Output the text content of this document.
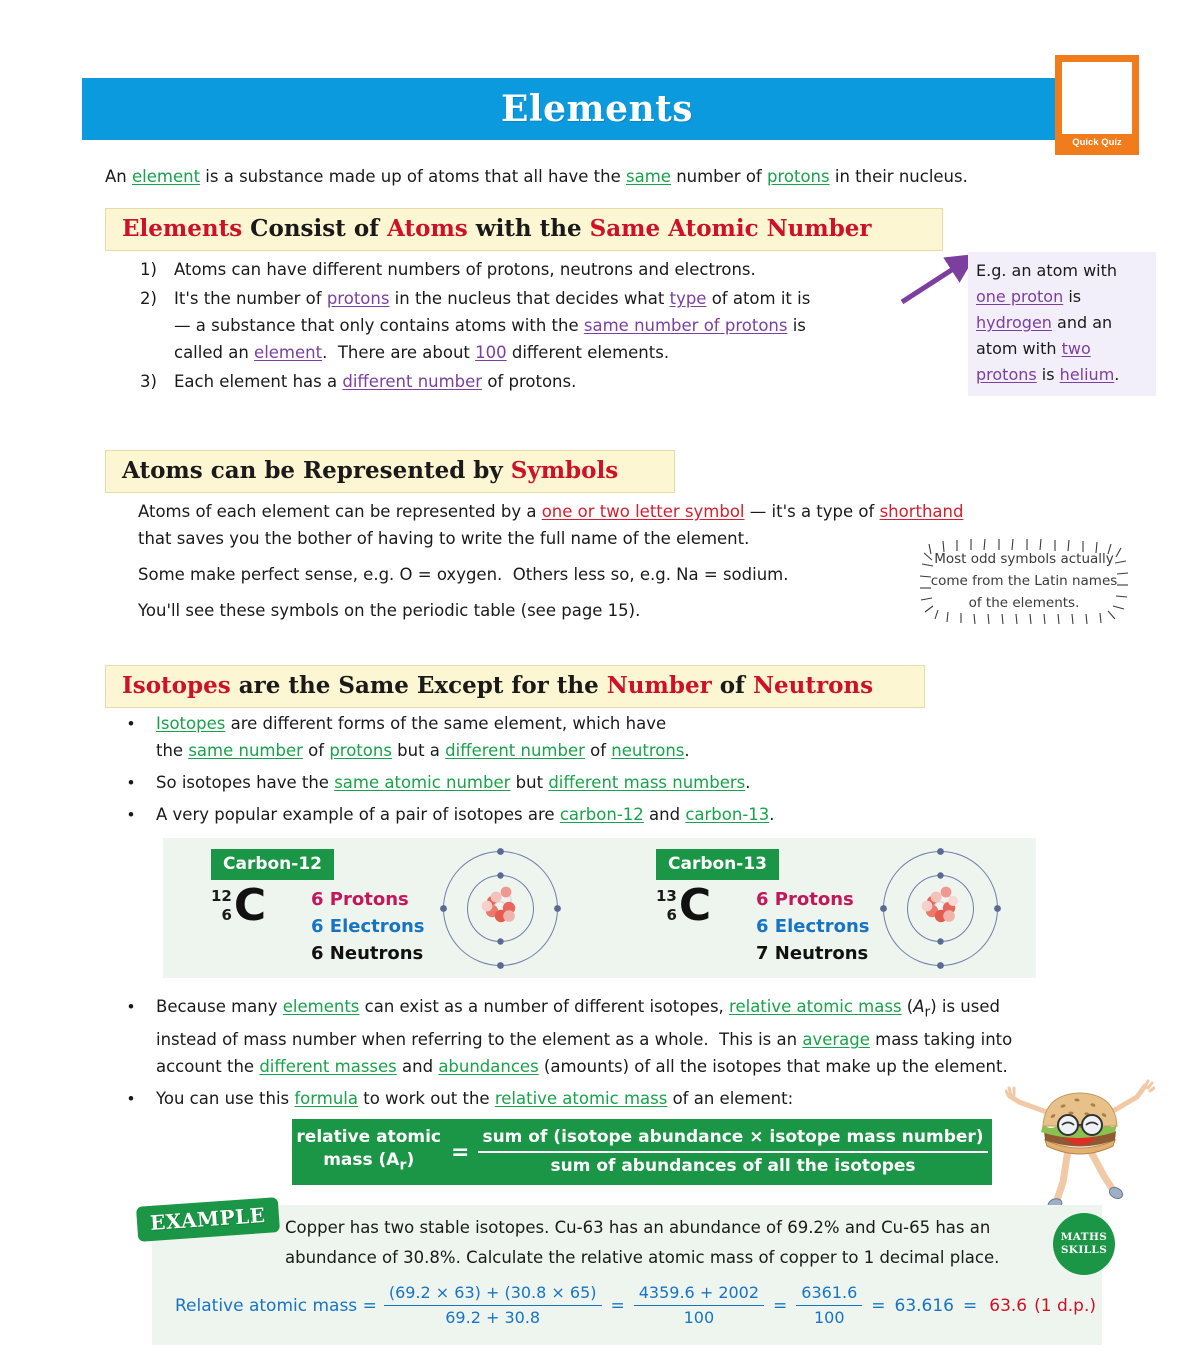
Elements
Quick Quiz
An element is a substance made up of atoms that all have the same number of protons in their nucleus.
Elements Consist of Atoms with the Same Atomic Number
1)	Atoms can have different numbers of protons, neutrons and electrons.
2)	It's the number of protons in the nucleus that decides what type of atom it is
— a substance that only contains atoms with the same number of protons is
called an element.  There are about 100 different elements.
3)	Each element has a different number of protons.
E.g. an atom with one proton is hydrogen and an atom with two protons is helium.
Atoms can be Represented by Symbols

Atoms of each element can be represented by a one or two letter symbol — it's a type of shorthand
that saves you the bother of having to write the full name of the element.

Some make perfect sense, e.g. O = oxygen.  Others less so, e.g. Na = sodium.

You'll see these symbols on the periodic table (see page 15).

Most odd symbols actually come from the Latin names of the elements.
Isotopes are the Same Except for the Number of Neutrons
•	Isotopes are different forms of the same element, which have
the same number of protons but a different number of neutrons.
•	So isotopes have the same atomic number but different mass numbers.
•	A very popular example of a pair of isotopes are carbon-12 and carbon-13.
Carbon-12
12
6 C 6 Protons
6 Electrons
6 Neutrons
Carbon-13
13
6 C 6 Protons
6 Electrons
7 Neutrons
•	Because many elements can exist as a number of different isotopes, relative atomic mass $(A_r)$ is used
instead of mass number when referring to the element as a whole.  This is an average mass taking into
account the different masses and abundances (amounts) of all the isotopes that make up the element.
•	You can use this formula to work out the relative atomic mass of an element:
relative atomic
mass $(A_r)$	= $\frac{\text{sum of (isotope abundance × isotope mass number)}}{\text{sum of abundances of all the isotopes}}$
EXAMPLE	Copper has two stable isotopes. Cu-63 has an abundance of 69.2% and Cu-65 has an abundance of 30.8%. Calculate the relative atomic mass of copper to 1 decimal place.
MATHS
SKILLS
Relative atomic mass = $\frac{(69.2 \times 63) + (30.8 \times 65)}{69.2 + 30.8} = \frac{4359.6 + 2002}{100} = \frac{6361.6}{100} = 63.616 = 63.6$ (1 d.p.)
